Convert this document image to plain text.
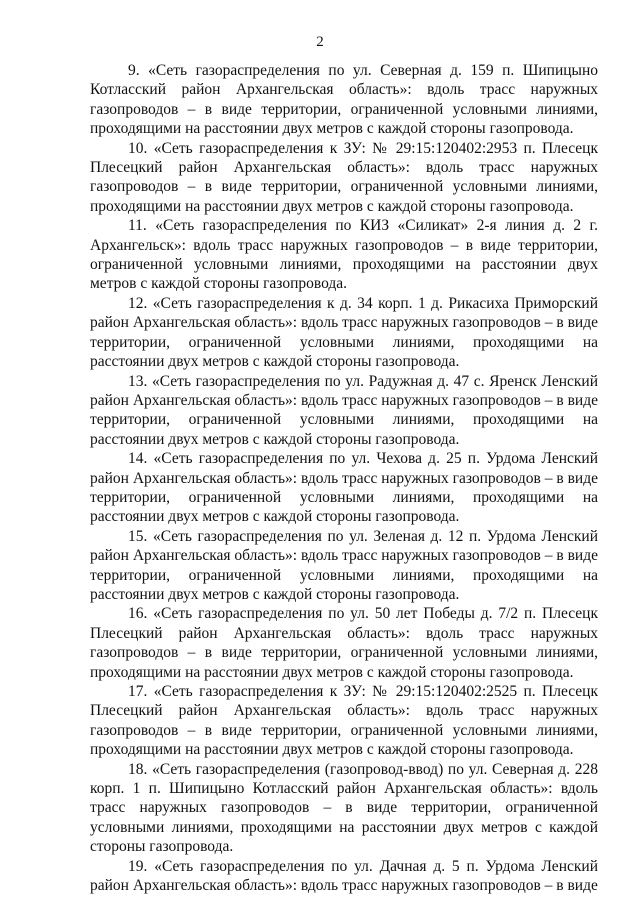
2

9. «Сеть газораспределения по ул. Северная д. 159 п. Шипицыно Котласский район Архангельская область»: вдоль трасс наружных газопроводов – в виде территории, ограниченной условными линиями, проходящими на расстоянии двух метров с каждой стороны газопровода.

10. «Сеть газораспределения к ЗУ: № 29:15:120402:2953 п. Плесецк Плесецкий район Архангельская область»: вдоль трасс наружных газопроводов – в виде территории, ограниченной условными линиями, проходящими на расстоянии двух метров с каждой стороны газопровода.

11. «Сеть газораспределения по КИЗ «Силикат» 2-я линия д. 2 г. Архангельск»: вдоль трасс наружных газопроводов – в виде территории, ограниченной условными линиями, проходящими на расстоянии двух метров с каждой стороны газопровода.

12. «Сеть газораспределения к д. 34 корп. 1 д. Рикасиха Приморский район Архангельская область»: вдоль трасс наружных газопроводов – в виде территории, ограниченной условными линиями, проходящими на расстоянии двух метров с каждой стороны газопровода.

13. «Сеть газораспределения по ул. Радужная д. 47 с. Яренск Ленский район Архангельская область»: вдоль трасс наружных газопроводов – в виде территории, ограниченной условными линиями, проходящими на расстоянии двух метров с каждой стороны газопровода.

14. «Сеть газораспределения по ул. Чехова д. 25 п. Урдома Ленский район Архангельская область»: вдоль трасс наружных газопроводов – в виде территории, ограниченной условными линиями, проходящими на расстоянии двух метров с каждой стороны газопровода.

15. «Сеть газораспределения по ул. Зеленая д. 12 п. Урдома Ленский район Архангельская область»: вдоль трасс наружных газопроводов – в виде территории, ограниченной условными линиями, проходящими на расстоянии двух метров с каждой стороны газопровода.

16. «Сеть газораспределения по ул. 50 лет Победы д. 7/2 п. Плесецк Плесецкий район Архангельская область»: вдоль трасс наружных газопроводов – в виде территории, ограниченной условными линиями, проходящими на расстоянии двух метров с каждой стороны газопровода.

17. «Сеть газораспределения к ЗУ: № 29:15:120402:2525 п. Плесецк Плесецкий район Архангельская область»: вдоль трасс наружных газопроводов – в виде территории, ограниченной условными линиями, проходящими на расстоянии двух метров с каждой стороны газопровода.

18. «Сеть газораспределения (газопровод-ввод) по ул. Северная д. 228 корп. 1 п. Шипицыно Котласский район Архангельская область»: вдоль трасс наружных газопроводов – в виде территории, ограниченной условными линиями, проходящими на расстоянии двух метров с каждой стороны газопровода.

19. «Сеть газораспределения по ул. Дачная д. 5 п. Урдома Ленский район Архангельская область»: вдоль трасс наружных газопроводов – в виде
